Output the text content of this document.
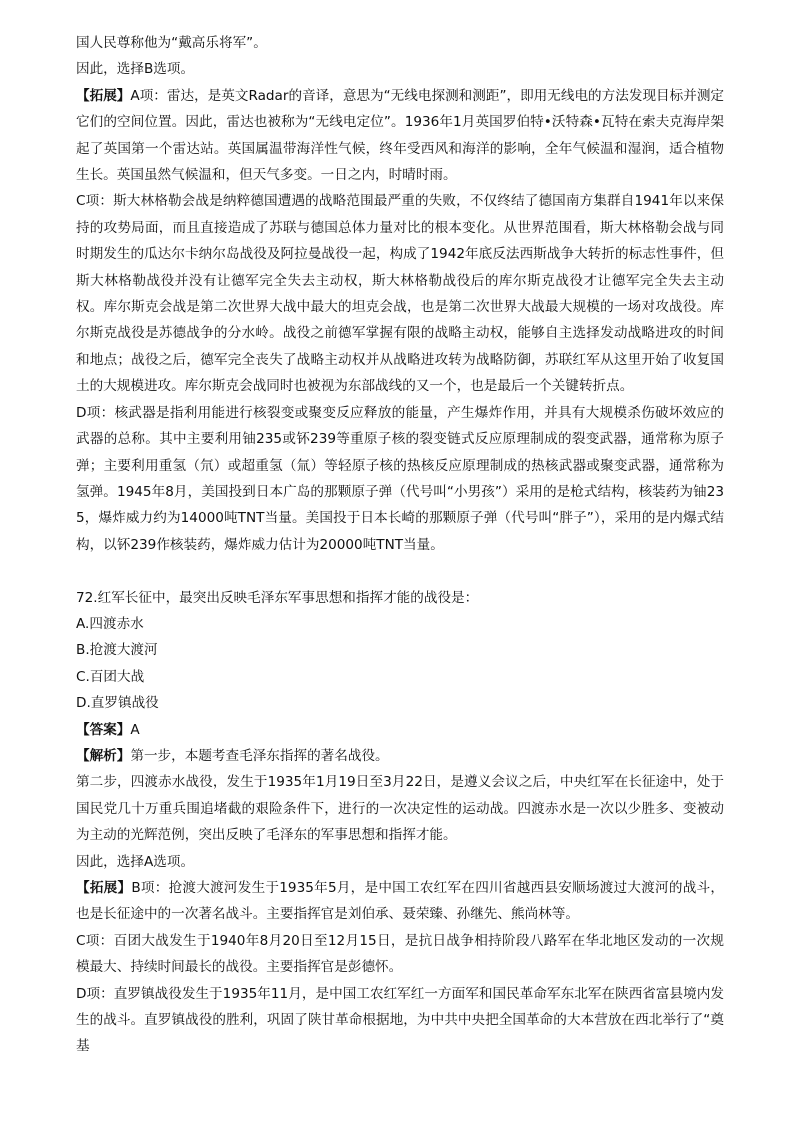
国人民尊称他为“戴高乐将军”。

因此，选择B选项。

【拓展】A项：雷达，是英文Radar的音译，意思为“无线电探测和测距”，即用无线电的方法发现目标并测定它们的空间位置。因此，雷达也被称为“无线电定位”。1936年1月英国罗伯特•沃特森•瓦特在索夫克海岸架起了英国第一个雷达站。英国属温带海洋性气候，终年受西风和海洋的影响，全年气候温和湿润，适合植物生长。英国虽然气候温和，但天气多变。一日之内，时晴时雨。

C项：斯大林格勒会战是纳粹德国遭遇的战略范围最严重的失败，不仅终结了德国南方集群自1941年以来保持的攻势局面，而且直接造成了苏联与德国总体力量对比的根本变化。从世界范围看，斯大林格勒会战与同时期发生的瓜达尔卡纳尔岛战役及阿拉曼战役一起，构成了1942年底反法西斯战争大转折的标志性事件，但斯大林格勒战役并没有让德军完全失去主动权，斯大林格勒战役后的库尔斯克战役才让德军完全失去主动权。库尔斯克会战是第二次世界大战中最大的坦克会战，也是第二次世界大战最大规模的一场对攻战役。库尔斯克战役是苏德战争的分水岭。战役之前德军掌握有限的战略主动权，能够自主选择发动战略进攻的时间和地点；战役之后，德军完全丧失了战略主动权并从战略进攻转为战略防御，苏联红军从这里开始了收复国土的大规模进攻。库尔斯克会战同时也被视为东部战线的又一个，也是最后一个关键转折点。

D项：核武器是指利用能进行核裂变或聚变反应释放的能量，产生爆炸作用，并具有大规模杀伤破坏效应的武器的总称。其中主要利用铀235或钚239等重原子核的裂变链式反应原理制成的裂变武器，通常称为原子弹；主要利用重氢（氘）或超重氢（氚）等轻原子核的热核反应原理制成的热核武器或聚变武器，通常称为氢弹。1945年8月，美国投到日本广岛的那颗原子弹（代号叫“小男孩”）采用的是枪式结构，核装药为铀235，爆炸威力约为14000吨TNT当量。美国投于日本长崎的那颗原子弹（代号叫“胖子”），采用的是内爆式结构，以钚239作核装药，爆炸威力估计为20000吨TNT当量。

72.红军长征中，最突出反映毛泽东军事思想和指挥才能的战役是：

A.四渡赤水

B.抢渡大渡河

C.百团大战

D.直罗镇战役

【答案】A

【解析】第一步，本题考查毛泽东指挥的著名战役。

第二步，四渡赤水战役，发生于1935年1月19日至3月22日，是遵义会议之后，中央红军在长征途中，处于国民党几十万重兵围追堵截的艰险条件下，进行的一次决定性的运动战。四渡赤水是一次以少胜多、变被动为主动的光辉范例，突出反映了毛泽东的军事思想和指挥才能。

因此，选择A选项。

【拓展】B项：抢渡大渡河发生于1935年5月，是中国工农红军在四川省越西县安顺场渡过大渡河的战斗，也是长征途中的一次著名战斗。主要指挥官是刘伯承、聂荣臻、孙继先、熊尚林等。

C项：百团大战发生于1940年8月20日至12月15日，是抗日战争相持阶段八路军在华北地区发动的一次规模最大、持续时间最长的战役。主要指挥官是彭德怀。

D项：直罗镇战役发生于1935年11月，是中国工农红军红一方面军和国民革命军东北军在陕西省富县境内发生的战斗。直罗镇战役的胜利，巩固了陕甘革命根据地，为中共中央把全国革命的大本营放在西北举行了“奠基
